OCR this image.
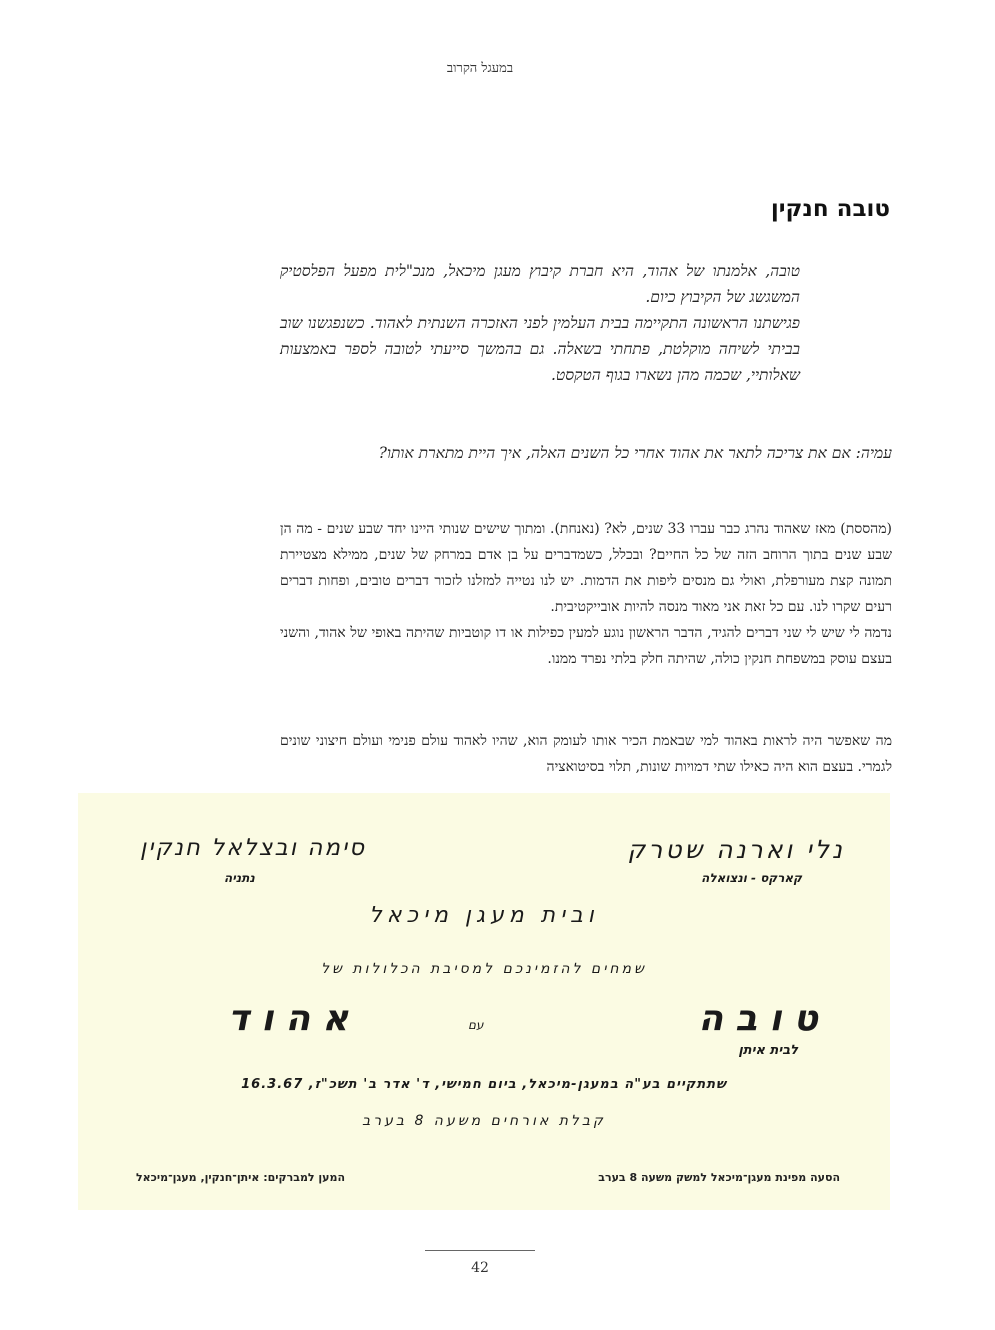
במעגל הקרוב
טובה חנקין

טובה, אלמנתו של אהוד, היא חברת קיבוץ מעגן מיכאל, מנכ"לית מפעל הפלסטיק המשגשג של הקיבוץ כיום.

פגישתנו הראשונה התקיימה בבית העלמין לפני האזכרה השנתית לאהוד. כשנפגשנו שוב בביתי לשיחה מוקלטת, פתחתי בשאלה. גם בהמשך סייעתי לטובה לספר באמצעות שאלותיי, שכמה מהן נשארו בגוף הטקסט.

עמיה: אם את צריכה לתאר את אהוד אחרי כל השנים האלה, איך היית מתארת אותו?

(מהססת) מאז שאהוד נהרג כבר עברו 33 שנים, לא? (נאנחת). ומתוך שישים שנותי היינו יחד שבע שנים - מה הן שבע שנים בתוך הרוחב הזה של כל החיים? ובכלל, כשמדברים על בן אדם במרחק של שנים, ממילא מצטיירת תמונה קצת מעורפלת, ואולי גם מנסים ליפות את הדמות. יש לנו נטייה למזלנו לזכור דברים טובים, ופחות דברים רעים שקרו לנו. עם כל זאת אני מאוד מנסה להיות אובייקטיבית.

נדמה לי שיש לי שני דברים להגיד, הדבר הראשון נוגע למעין כפילות או דו קוטביות שהיתה באופי של אהוד, והשני בעצם עוסק במשפחת חנקין כולה, שהיתה חלק בלתי נפרד ממנו.

מה שאפשר היה לראות באהוד למי שבאמת הכיר אותו לעומק הוא, שהיו לאהוד עולם פנימי ועולם חיצוני שונים לגמרי. בעצם הוא היה כאילו שתי דמויות שונות, תלוי בסיטואציה

נלי וארנה שטרק
קארקס - ונצואלה
סימה ובצלאל חנקין
נתניה
ובית מעגן מיכאל
שמחים להזמינכם למסיבת הכלולות של
טובה
עם
אהוד
לבית איתן
שתתקיים בע"ה במעגן-מיכאל, ביום חמישי, ד' אדר ב' תשכ"ז, 16.3.67
קבלת אורחים משעה 8 בערב
הסעה מפינת מעגן־מיכאל למשק משעה 8 בערב
המען למברקים: איתן־חנקין, מעגן־מיכאל
42
